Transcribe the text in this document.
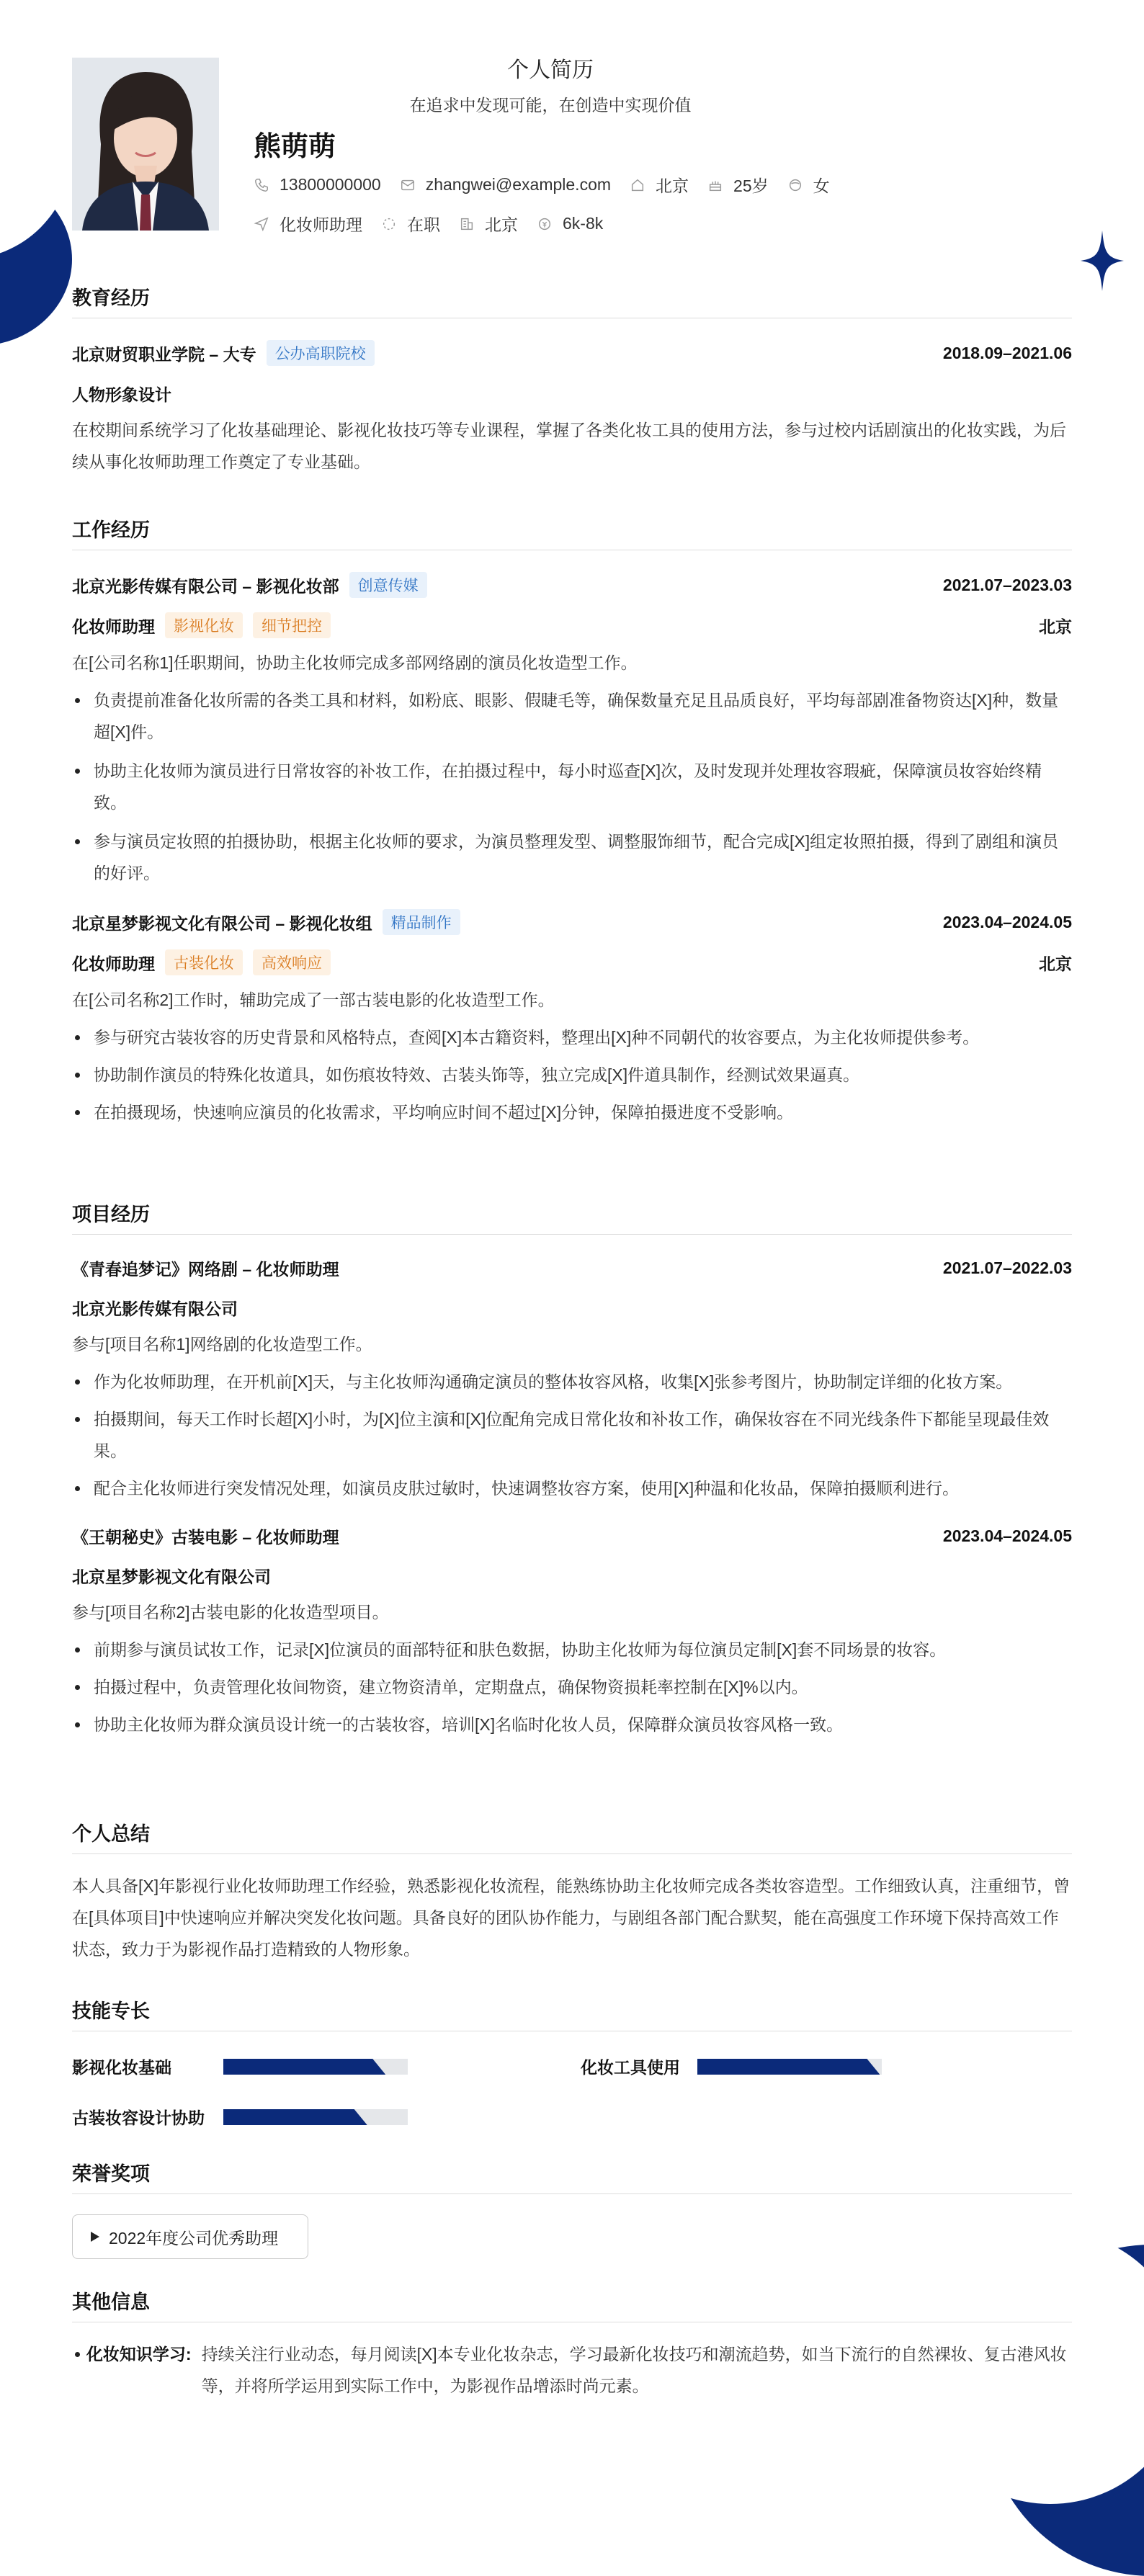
个人简历
在追求中发现可能，在创造中实现价值
熊萌萌
13800000000	zhangwei@example.com	北京	25岁	女
化妆师助理	在职	北京	6k-8k
教育经历
北京财贸职业学院 – 大专	公办高职院校	2018.09–2021.06
人物形象设计
在校期间系统学习了化妆基础理论、影视化妆技巧等专业课程，掌握了各类化妆工具的使用方法，参与过校内话剧演出的化妆实践，为后续从事化妆师助理工作奠定了专业基础。
工作经历
北京光影传媒有限公司 – 影视化妆部	创意传媒	2021.07–2023.03
化妆师助理	影视化妆	细节把控	北京
在[公司名称1]任职期间，协助主化妆师完成多部网络剧的演员化妆造型工作。
负责提前准备化妆所需的各类工具和材料，如粉底、眼影、假睫毛等，确保数量充足且品质良好，平均每部剧准备物资达[X]种，数量超[X]件。
协助主化妆师为演员进行日常妆容的补妆工作，在拍摄过程中，每小时巡查[X]次，及时发现并处理妆容瑕疵，保障演员妆容始终精致。
参与演员定妆照的拍摄协助，根据主化妆师的要求，为演员整理发型、调整服饰细节，配合完成[X]组定妆照拍摄，得到了剧组和演员的好评。
北京星梦影视文化有限公司 – 影视化妆组	精品制作	2023.04–2024.05
化妆师助理	古装化妆	高效响应	北京
在[公司名称2]工作时，辅助完成了一部古装电影的化妆造型工作。
参与研究古装妆容的历史背景和风格特点，查阅[X]本古籍资料，整理出[X]种不同朝代的妆容要点，为主化妆师提供参考。
协助制作演员的特殊化妆道具，如伤痕妆特效、古装头饰等，独立完成[X]件道具制作，经测试效果逼真。
在拍摄现场，快速响应演员的化妆需求，平均响应时间不超过[X]分钟，保障拍摄进度不受影响。
项目经历
《青春追梦记》网络剧 – 化妆师助理	2021.07–2022.03
北京光影传媒有限公司
参与[项目名称1]网络剧的化妆造型工作。
作为化妆师助理，在开机前[X]天，与主化妆师沟通确定演员的整体妆容风格，收集[X]张参考图片，协助制定详细的化妆方案。
拍摄期间，每天工作时长超[X]小时，为[X]位主演和[X]位配角完成日常化妆和补妆工作，确保妆容在不同光线条件下都能呈现最佳效果。
配合主化妆师进行突发情况处理，如演员皮肤过敏时，快速调整妆容方案，使用[X]种温和化妆品，保障拍摄顺利进行。
《王朝秘史》古装电影 – 化妆师助理	2023.04–2024.05
北京星梦影视文化有限公司
参与[项目名称2]古装电影的化妆造型项目。
前期参与演员试妆工作，记录[X]位演员的面部特征和肤色数据，协助主化妆师为每位演员定制[X]套不同场景的妆容。
拍摄过程中，负责管理化妆间物资，建立物资清单，定期盘点，确保物资损耗率控制在[X]%以内。
协助主化妆师为群众演员设计统一的古装妆容，培训[X]名临时化妆人员，保障群众演员妆容风格一致。
个人总结
本人具备[X]年影视行业化妆师助理工作经验，熟悉影视化妆流程，能熟练协助主化妆师完成各类妆容造型。工作细致认真，注重细节，曾在[具体项目]中快速响应并解决突发化妆问题。具备良好的团队协作能力，与剧组各部门配合默契，能在高强度工作环境下保持高效工作状态，致力于为影视作品打造精致的人物形象。
技能专长
影视化妆基础	化妆工具使用
古装妆容设计协助
荣誉奖项
2022年度公司优秀助理
其他信息
化妆知识学习: 持续关注行业动态，每月阅读[X]本专业化妆杂志，学习最新化妆技巧和潮流趋势，如当下流行的自然裸妆、复古港风妆等，并将所学运用到实际工作中，为影视作品增添时尚元素。
